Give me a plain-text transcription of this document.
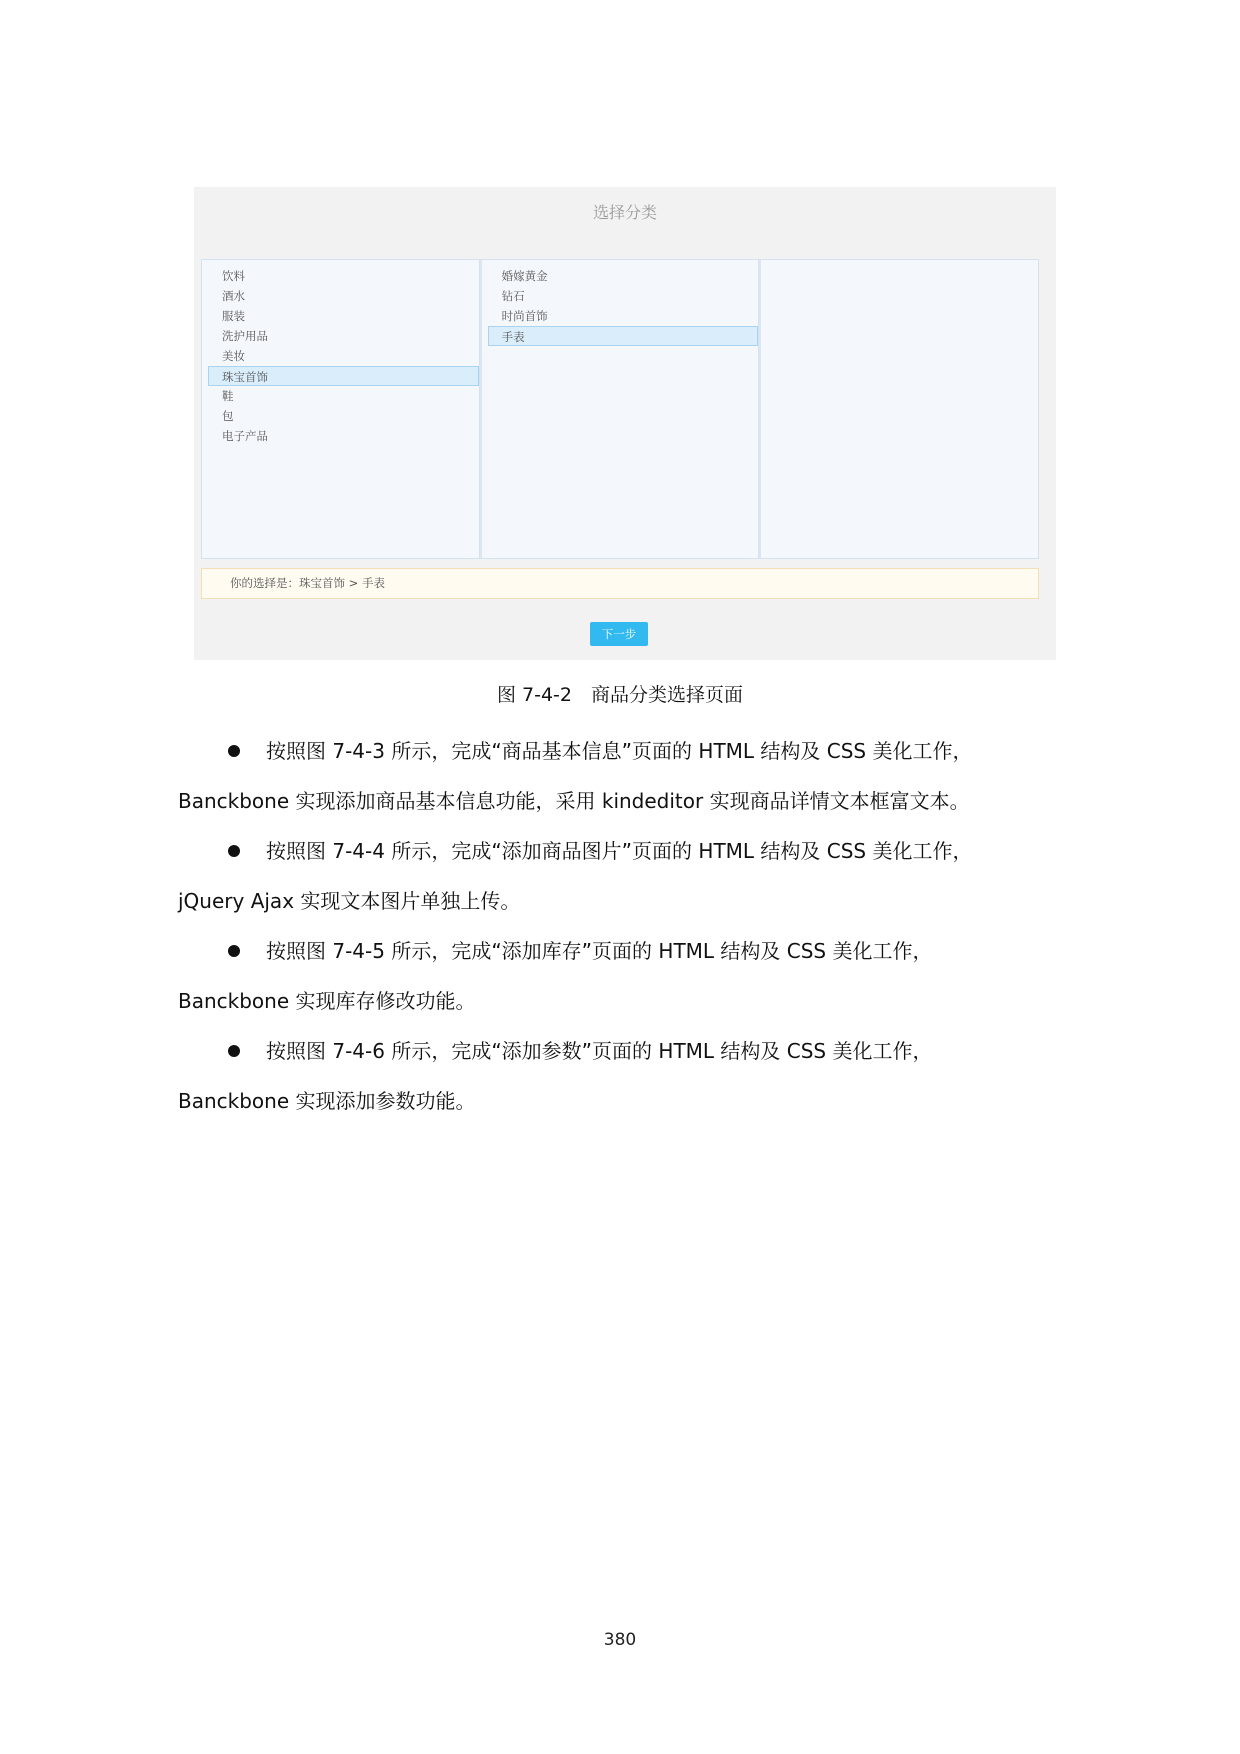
选择分类
饮料
酒水
服装
洗护用品
美妆
珠宝首饰
鞋
包
电子产品
婚嫁黄金
钻石
时尚首饰
手表
你的选择是：珠宝首饰 > 手表
下一步
图 7-4-2　商品分类选择页面

按照图 7-4-3 所示，完成“商品基本信息”页面的 HTML 结构及 CSS 美化工作，

Banckbone 实现添加商品基本信息功能，采用 kindeditor 实现商品详情文本框富文本。

按照图 7-4-4 所示，完成“添加商品图片”页面的 HTML 结构及 CSS 美化工作，

jQuery Ajax 实现文本图片单独上传。

按照图 7-4-5 所示，完成“添加库存”页面的 HTML 结构及 CSS 美化工作，

Banckbone 实现库存修改功能。

按照图 7-4-6 所示，完成“添加参数”页面的 HTML 结构及 CSS 美化工作，

Banckbone 实现添加参数功能。

380
